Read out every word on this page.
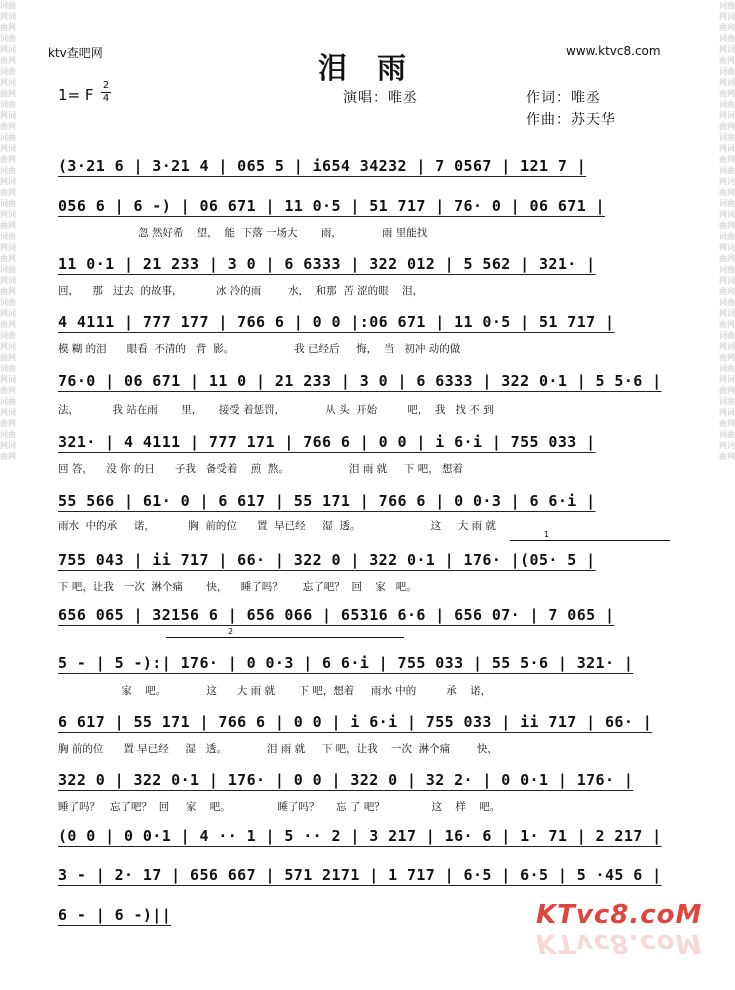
词曲网词曲网词曲网词曲网词曲网词曲网词曲网词曲网词曲网词曲网词曲网词曲网词曲网词曲网词曲网词曲网词曲网词曲网词曲网词曲网词曲网词曲网词曲网词曲网词曲网词曲网词曲网词曲网
词曲网词曲网词曲网词曲网词曲网词曲网词曲网词曲网词曲网词曲网词曲网词曲网词曲网词曲网词曲网词曲网词曲网词曲网词曲网词曲网词曲网词曲网词曲网词曲网词曲网词曲网词曲网词曲网
ktv查吧网	www.ktvc8.com
泪雨
1= F
2
4	演唱：唯丞	作词：唯丞
作曲：苏天华
1
2
(3·21 6 | 3·21 4 | 065 5 | i654 34232 | 7 0567 | 121 7 |
056 6 | 6 -) | 06 671 | 11 0·5 | 51 717 | 76· 0 | 06 671 |
忽 然好希    望，  能  下落 一场大       雨，            雨 里能找
11 0·1 | 21 233 | 3 0 | 6 6333 | 322 012 | 5 562 | 321· |
回，    那   过去  的故事，          冰 冷的雨        水，  和那  苦 涩的眼    泪，
4 4111 | 777 177 | 766 6 | 0 0 |:06 671 | 11 0·5 | 51 717 |
模 糊 的泪      眼看  不清的   背  影。                  我 已经后     悔，  当   初冲 动的做
76·0 | 06 671 | 11 0 | 21 233 | 3 0 | 6 6333 | 322 0·1 | 5 5·6 |
法，          我 站在雨       里，     接受 着惩罚，            从 头  开始         吧，  我   找 不 到
321· | 4 4111 | 777 171 | 766 6 | 0 0 | i 6·i | 755 033 |
回 答，    没 你 的日      子我   备受着    煎  熬。                  泪 雨 就     下 吧， 想着
55 566 | 61· 0 | 6 617 | 55 171 | 766 6 | 0 0·3 | 6 6·i |
雨水  中的承     诺，          胸  前的位      置  早已经     湿  透。                     这     大 雨 就
755 043 | ii 717 | 66· | 322 0 | 322 0·1 | 176· |(05· 5 |
下 吧，让我   一次  淋个痛       快，    睡了吗？      忘了吧？  回    家   吧。
656 065 | 32156 6 | 656 066 | 65316 6·6 | 656 07· | 7 065 |
5 - | 5 -):| 176· | 0 0·3 | 6 6·i | 755 033 | 55 5·6 | 321· |
家    吧。            这      大 雨 就       下 吧，想着     雨水 中的         承    诺，
6 617 | 55 171 | 766 6 | 0 0 | i 6·i | 755 033 | ii 717 | 66· |
胸 前的位      置 早已经     湿   透。            泪 雨 就     下 吧，让我    一次  淋个痛        快，
322 0 | 322 0·1 | 176· | 0 0 | 322 0 | 32 2· | 0 0·1 | 176· |
睡了吗？   忘了吧？  回     家    吧。              睡了吗？     忘 了 吧？              这    样    吧。
(0 0 | 0 0·1 | 4 ·· 1 | 5 ·· 2 | 3 217 | 16· 6 | 1· 71 | 2 217 |
3 - | 2· 17 | 656 667 | 571 2171 | 1 717 | 6·5 | 6·5 | 5 ·45 6 |
6 - | 6 -)||	KTvc8.coM
KTvc8.coM
